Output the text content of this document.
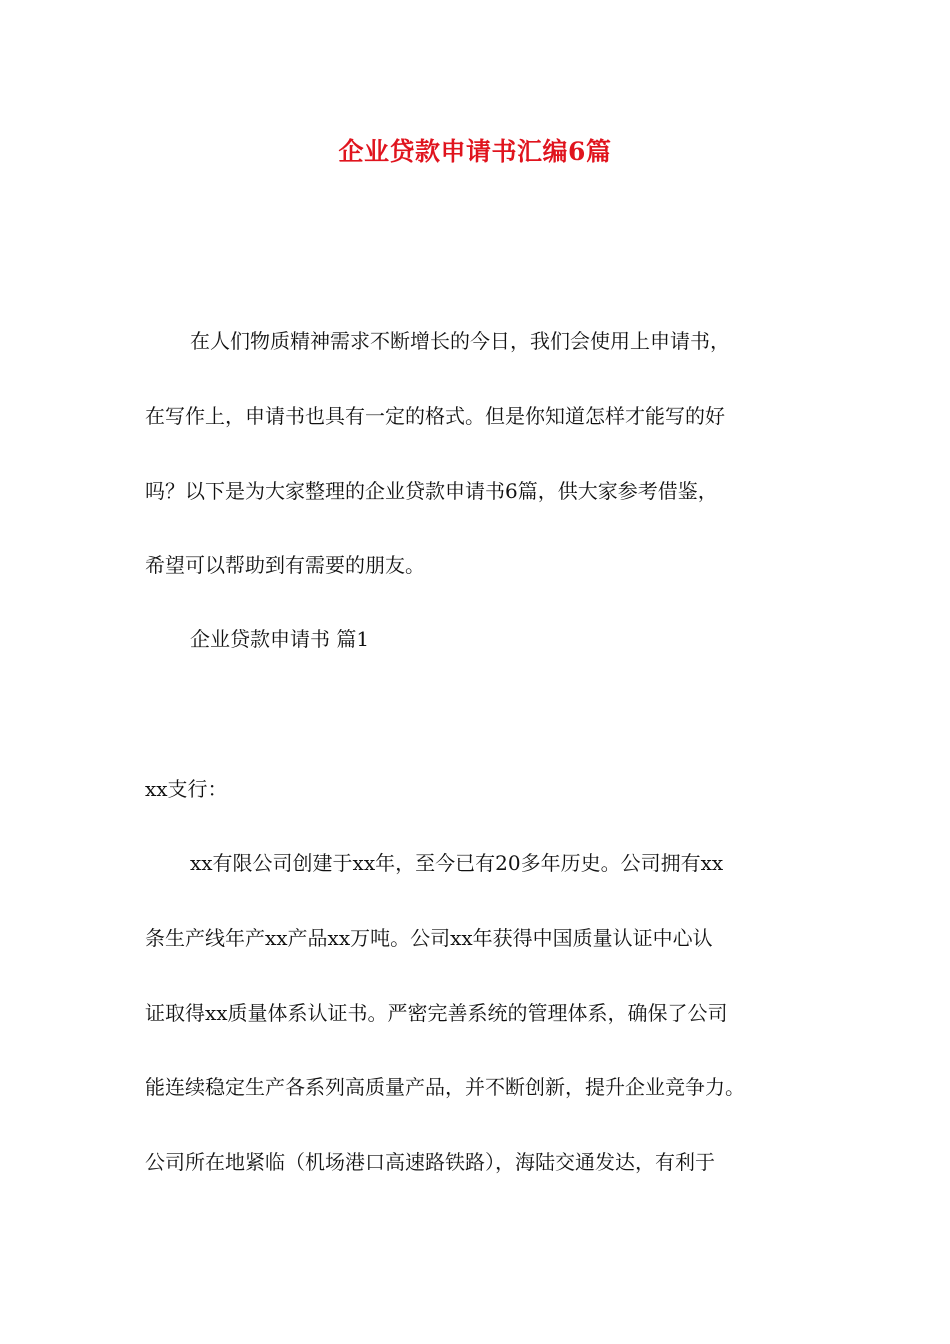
企业贷款申请书汇编6篇

在人们物质精神需求不断增长的今日，我们会使用上申请书，

在写作上，申请书也具有一定的格式。但是你知道怎样才能写的好

吗？以下是为大家整理的企业贷款申请书6篇，供大家参考借鉴，

希望可以帮助到有需要的朋友。

企业贷款申请书 篇1

xx支行：

xx有限公司创建于xx年，至今已有20多年历史。公司拥有xx

条生产线年产xx产品xx万吨。公司xx年获得中国质量认证中心认

证取得xx质量体系认证书。严密完善系统的管理体系，确保了公司

能连续稳定生产各系列高质量产品，并不断创新，提升企业竞争力。

公司所在地紧临（机场港口高速路铁路），海陆交通发达，有利于
